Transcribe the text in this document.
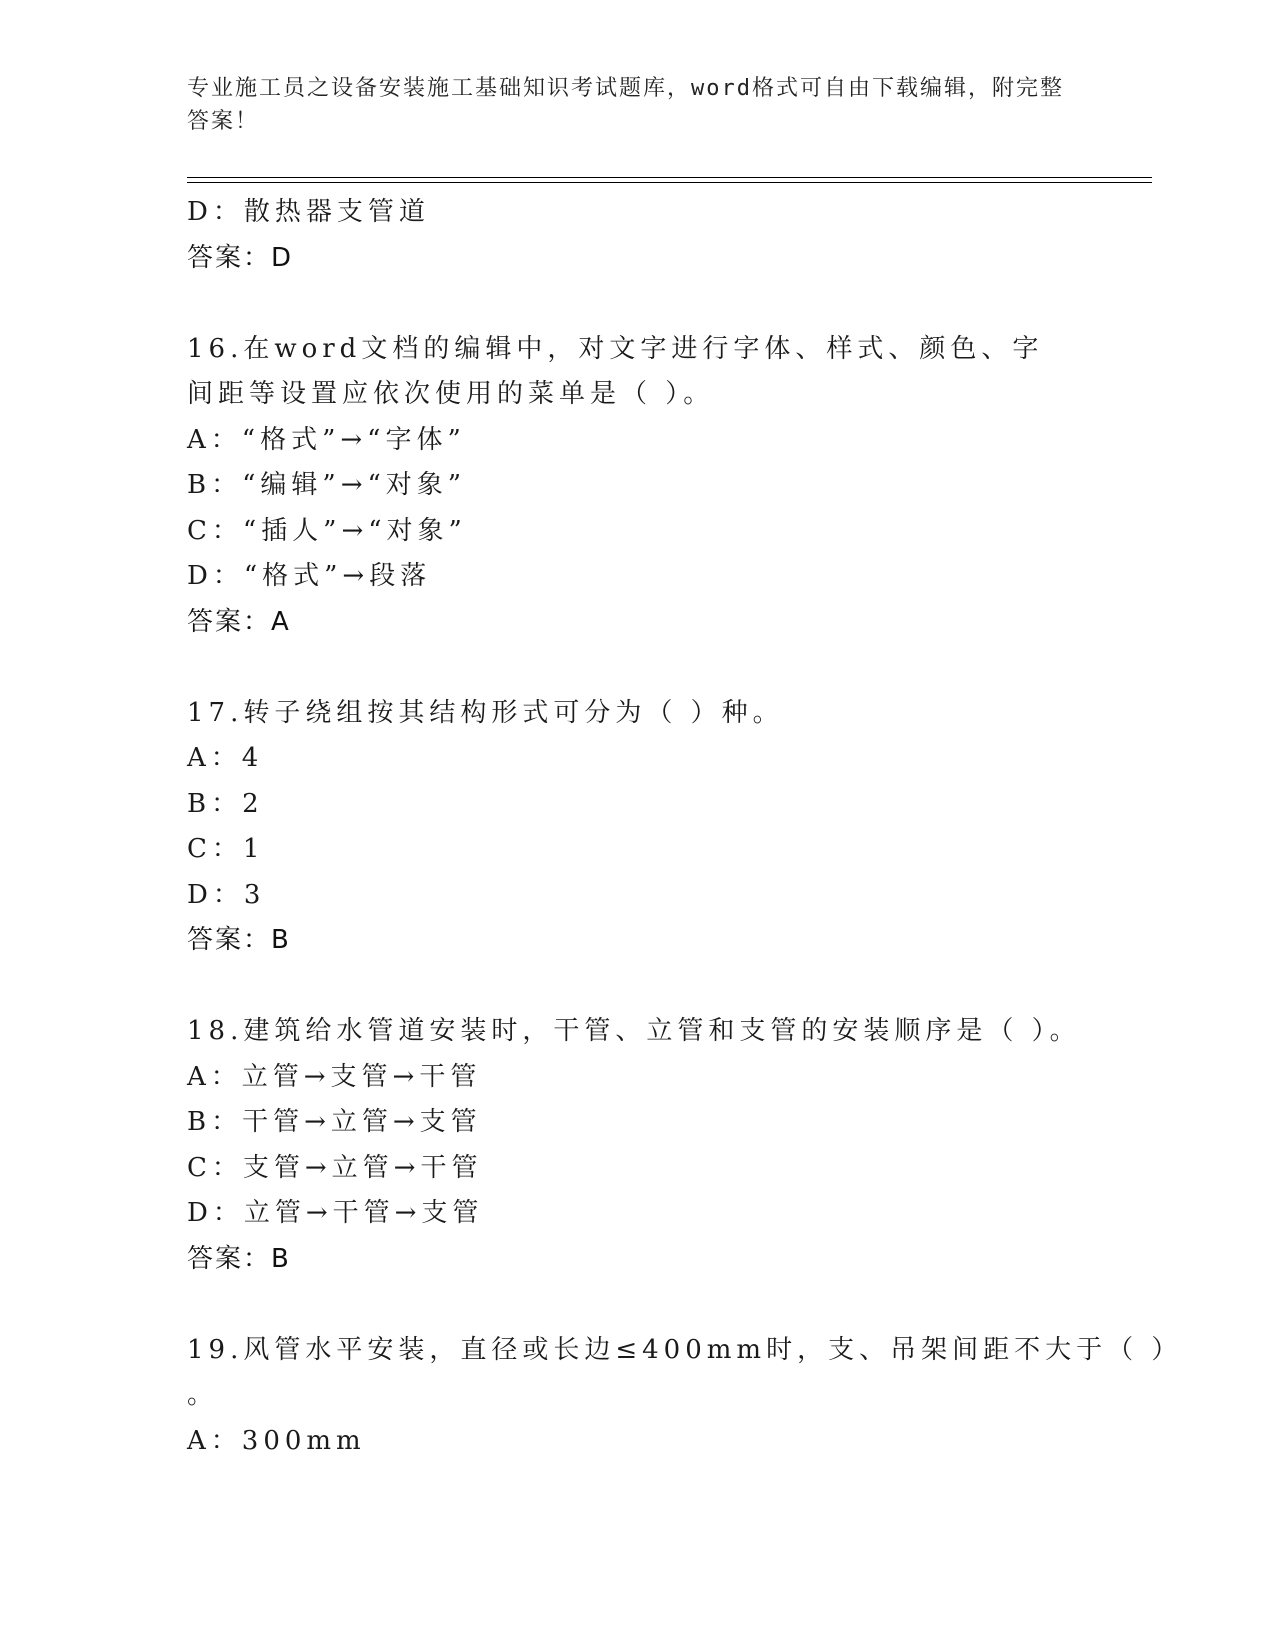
专业施工员之设备安装施工基础知识考试题库，word格式可自由下载编辑，附完整答案！
D：散热器支管道
答案：D
16.在word文档的编辑中，对文字进行字体、样式、颜色、字间距等设置应依次使用的菜单是（ ）。
A：“格式”→“字体”
B：“编辑”→“对象”
C：“插人”→“对象”
D：“格式”→段落
答案：A
17.转子绕组按其结构形式可分为（ ）种。
A：4
B：2
C：1
D：3
答案：B
18.建筑给水管道安装时，干管、立管和支管的安装顺序是（ ）。
A：立管→支管→干管
B：干管→立管→支管
C：支管→立管→干管
D：立管→干管→支管
答案：B
19.风管水平安装，直径或长边≤400mm时，支、吊架间距不大于（ ）
。
A：300mm
